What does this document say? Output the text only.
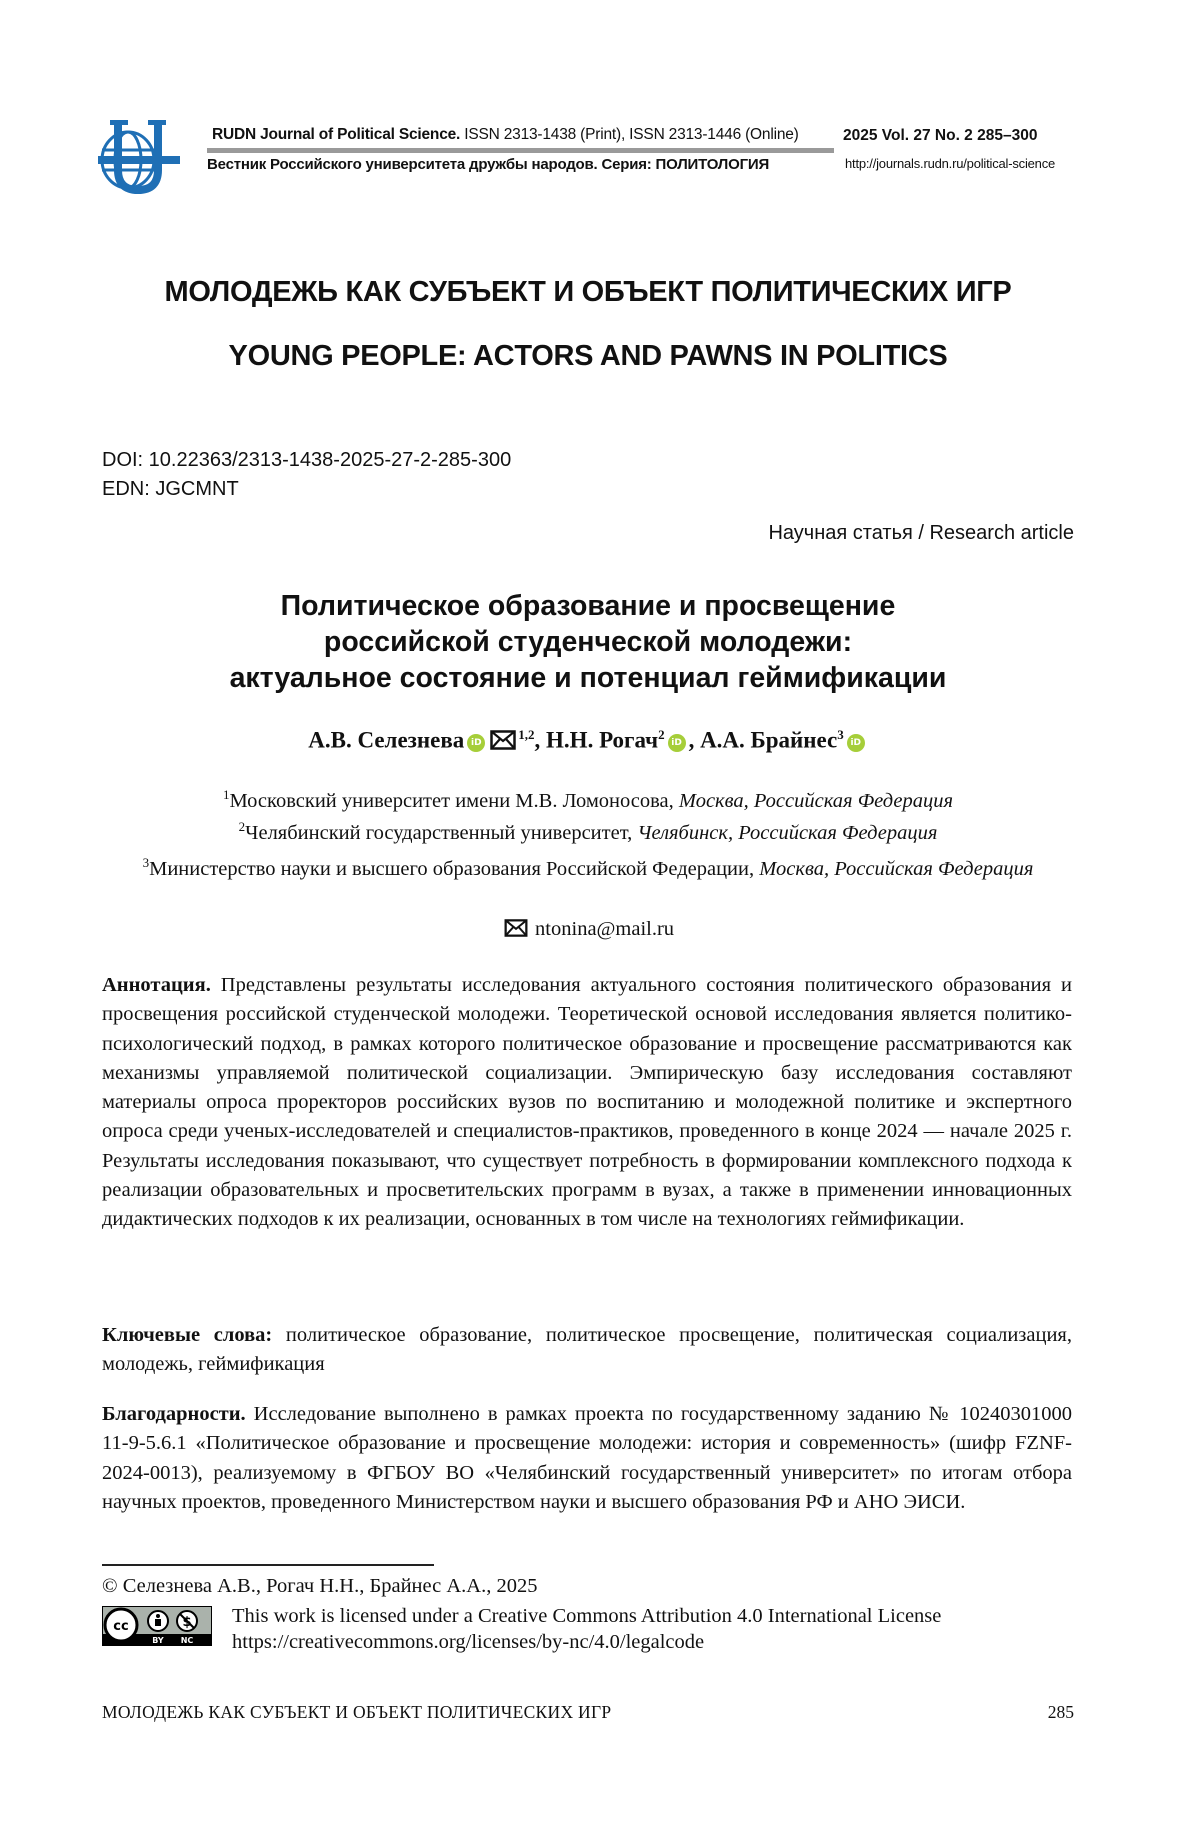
RUDN Journal of Political Science. ISSN 2313-1438 (Print), ISSN 2313-1446 (Online)
Вестник Российского университета дружбы народов. Серия: ПОЛИТОЛОГИЯ
2025 Vol. 27 No. 2 285–300
http://journals.rudn.ru/political-science
МОЛОДЕЖЬ КАК СУБЪЕКТ И ОБЪЕКТ ПОЛИТИЧЕСКИХ ИГР
YOUNG PEOPLE: ACTORS AND PAWNS IN POLITICS
DOI: 10.22363/2313-1438-2025-27-2-285-300
EDN: JGCMNT
Научная статья / Research article
Политическое образование и просвещение
российской студенческой молодежи:
актуальное состояние и потенциал геймификации
А.В. Селезнева iD1,2, Н.Н. Рогач2iD , А.А. Брайнес3iD
1Московский университет имени М.В. Ломоносова, Москва, Российская Федерация
2Челябинский государственный университет, Челябинск, Российская Федерация
3Министерство науки и высшего образования Российской Федерации, Москва, Российская Федерация
ntonina@mail.ru
Аннотация. Представлены результаты исследования актуального состояния политического образования и просвещения российской студенческой молодежи. Теоретической основой исследования является политико-психологический подход, в рамках которого политическое образование и просвещение рассматриваются как механизмы управляемой политической социализации. Эмпирическую базу исследования составляют материалы опроса проректоров российских вузов по воспитанию и молодежной политике и экспертного опроса среди ученых-исследователей и специалистов-практиков, проведенного в конце 2024 — начале 2025 г. Результаты исследования показывают, что существует потребность в формировании комплексного подхода к реализации образовательных и просветительских программ в вузах, а также в применении инновационных дидактических подходов к их реализации, основанных в том числе на технологиях геймификации.
Ключевые слова: политическое образование, политическое просвещение, политическая социализация, молодежь, геймификация
Благодарности. Исследование выполнено в рамках проекта по государственному заданию № 10240301000 11-9-5.6.1 «Политическое образование и просвещение молодежи: история и современность» (шифр FZNF-2024-0013), реализуемому в ФГБОУ ВО «Челябинский государственный университет» по итогам отбора научных проектов, проведенного Министерством науки и высшего образования РФ и АНО ЭИСИ.
© Селезнева А.В., Рогач Н.Н., Брайнес А.А., 2025
cc	$
BY NC
This work is licensed under a Creative Commons Attribution 4.0 International License
https://creativecommons.org/licenses/by-nc/4.0/legalcode
МОЛОДЕЖЬ КАК СУБЪЕКТ И ОБЪЕКТ ПОЛИТИЧЕСКИХ ИГР	285
